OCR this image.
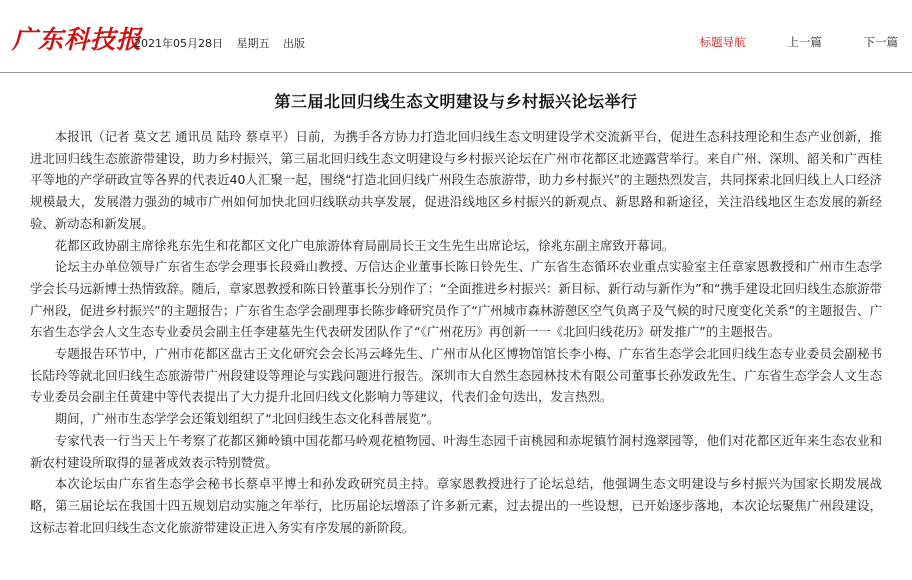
广东科技报
2021年05月28日 星期五 出版	标题导航	上一篇	下一篇
第三届北回归线生态文明建设与乡村振兴论坛举行

本报讯（记者 莫文艺 通讯员 陆玲 蔡卓平）日前，为携手各方协力打造北回归线生态文明建设学术交流新平台，促进生态科技理论和生态产业创新，推进北回归线生态旅游带建设，助力乡村振兴，第三届北回归线生态文明建设与乡村振兴论坛在广州市花都区北迹露营举行。来自广州、深圳、韶关和广西桂平等地的产学研政宣等各界的代表近40人汇聚一起，围绕“打造北回归线广州段生态旅游带，助力乡村振兴”的主题热烈发言，共同探索北回归线上人口经济规模最大，发展潜力强劲的城市广州如何加快北回归线联动共享发展，促进沿线地区乡村振兴的新观点、新思路和新途径，关注沿线地区生态发展的新经验、新动态和新发展。

花都区政协副主席徐兆东先生和花都区文化广电旅游体育局副局长王文生先生出席论坛，徐兆东副主席致开幕词。

论坛主办单位领导广东省生态学会理事长段舜山教授、万信达企业董事长陈日铃先生、广东省生态循环农业重点实验室主任章家恩教授和广州市生态学学会长马远新博士热情致辞。随后，章家恩教授和陈日铃董事长分别作了：“全面推进乡村振兴：新目标、新行动与新作为”和“携手建设北回归线生态旅游带广州段，促进乡村振兴”的主题报告；广东省生态学会副理事长陈步峰研究员作了“广州城市森林游憩区空气负离子及气候的时尺度变化关系”的主题报告、广东省生态学会人文生态专业委员会副主任李建墓先生代表研发团队作了“《广州花历》再创新一一《北回归线花历》研发推广”的主题报告。

专题报告环节中，广州市花都区盘古王文化研究会会长冯云峰先生、广州市从化区博物馆馆长李小梅、广东省生态学会北回归线生态专业委员会副秘书长陆玲等就北回归线生态旅游带广州段建设等理论与实践问题进行报告。深圳市大自然生态园林技术有限公司董事长孙发政先生、广东省生态学会人文生态专业委员会副主任黄建中等代表提出了大力提升北回归线文化影响力等建议，代表们金句迭出，发言热烈。

期间，广州市生态学学会还策划组织了“北回归线生态文化科普展览”。

专家代表一行当天上午考察了花都区狮岭镇中国花都马岭观花植物园、叶海生态园千亩桃园和赤坭镇竹洞村逸翠园等，他们对花都区近年来生态农业和新农村建设所取得的显著成效表示特别赞赏。

本次论坛由广东省生态学会秘书长蔡卓平博士和孙发政研究员主持。章家恩教授进行了论坛总结，他强调生态文明建设与乡村振兴为国家长期发展战略，第三届论坛在我国十四五规划启动实施之年举行，比历届论坛增添了许多新元素，过去提出的一些设想，已开始逐步落地，本次论坛聚焦广州段建设，这标志着北回归线生态文化旅游带建设正进入务实有序发展的新阶段。
